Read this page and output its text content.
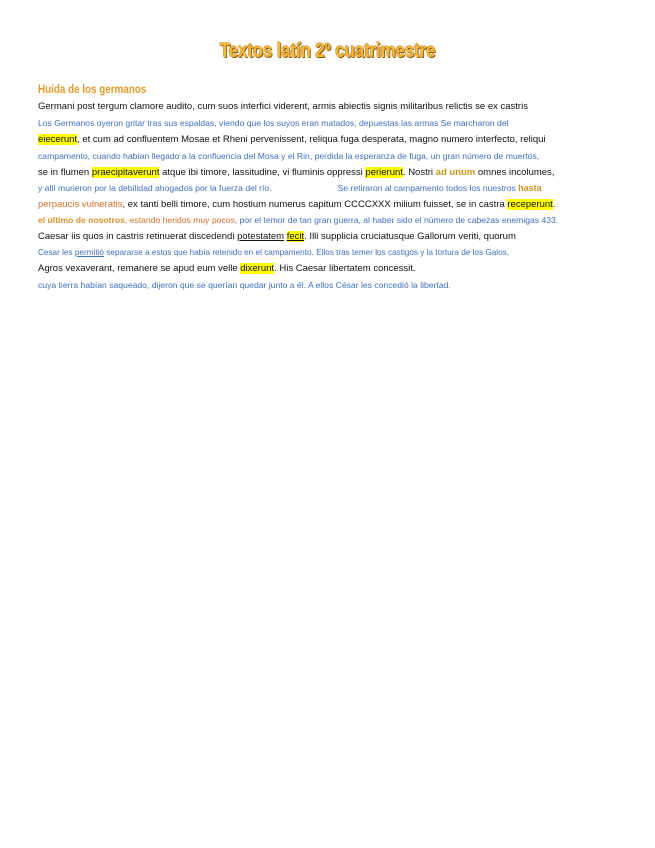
Textos latín 2º cuatrimestre
Huida de los germanos
Germani post tergum clamore audito, cum suos interfici viderent, armis abiectis signis militaribus relictis se ex castris
Los Germanos oyeron gritar tras sus espaldas, viendo que los suyos eran matados, depuestas las armas Se marcharon del
eiecerunt, et cum ad confluentem Mosae et Rheni pervenissent, reliqua fuga desperata, magno numero interfecto, reliqui
campamento, cuando habían llegado a la confluencia del Mosa y el Rin, perdida la esperanza de fuga, un gran número de muertos,
se in flumen praecipitaverunt atque ibi timore, lassitudine, vi fluminis oppressi perierunt. Nostri ad unum omnes incolumes,
y allí murieron por la debilidad ahogados por la fuerza del río.	Se retiraron al campamento todos los nuestros hasta
perpaucis vulneratis, ex tanti belli timore, cum hostium numerus capitum CCCCXXX milium fuisset, se in castra receperunt.
el último de nosotros, estando heridos muy pocos, por el temor de tan gran guerra, al haber sido el número de cabezas enemigas 433.
Caesar iis quos in castris retinuerat discedendi potestatem fecit. Illi supplicia cruciatusque Gallorum veriti, quorum
Cesar les permitió separarse a estos que había retenido en el campamento. Ellos tras temer los castigos y la tortura de los Galos,
Agros vexaverant, remanere se apud eum velle dixerunt. His Caesar libertatem concessit.
cuya tierra habían saqueado, dijeron que se querían quedar junto a él. A ellos César les concedió la libertad.
